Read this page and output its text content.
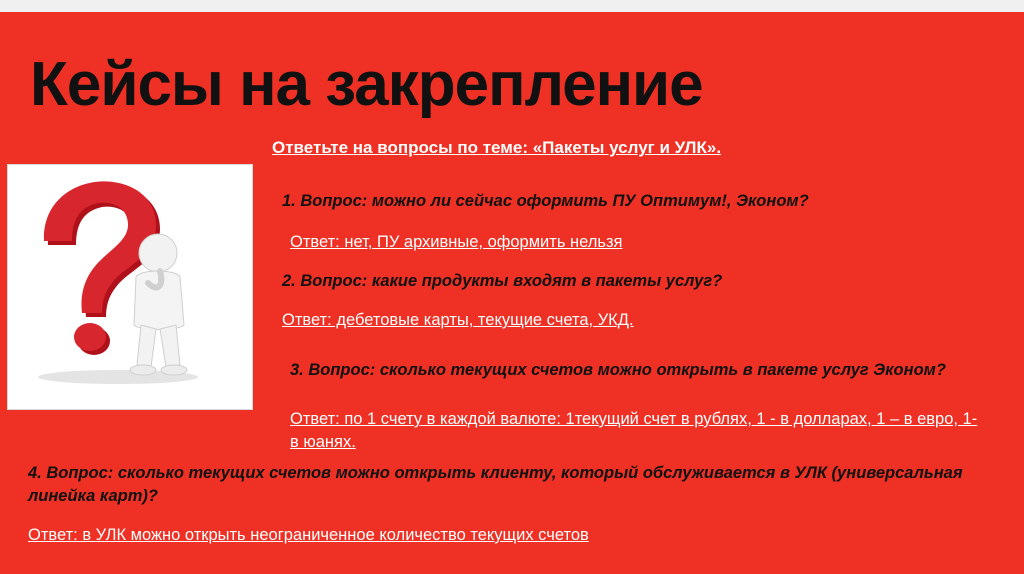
Кейсы на закрепление
Ответьте на вопросы по теме: «Пакеты услуг и УЛК».
1. Вопрос: можно ли сейчас оформить ПУ Оптимум!, Эконом?
Ответ: нет, ПУ архивные, оформить нельзя
2. Вопрос: какие продукты входят в пакеты услуг?
Ответ: дебетовые карты, текущие счета, УКД.
3. Вопрос: сколько текущих счетов можно открыть в пакете услуг Эконом?
Ответ: по 1 счету в каждой валюте: 1текущий счет в рублях, 1 - в долларах, 1 – в евро, 1- в юанях.
4. Вопрос: сколько текущих счетов можно открыть клиенту, который обслуживается в УЛК (универсальная линейка карт)?
Ответ: в УЛК можно открыть неограниченное количество текущих счетов
